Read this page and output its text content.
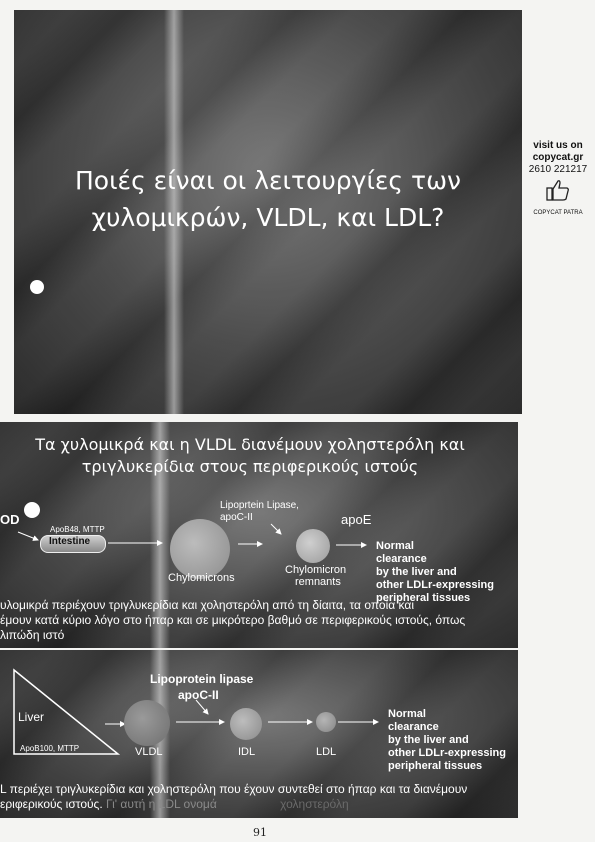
Ποιές είναι οι λειτουργίες των
χυλομικρών, VLDL, και LDL?
Τα χυλομικρά και η VLDL διανέμουν χοληστερόλη και
τριγλυκερίδια στους περιφερικούς ιστούς
OD
ApoB48, MTTP
Intestine
Lipoprtein Lipase,
apoC-II	apoE
Chylomicrons
Chylomicron
remnants
Normal
clearance
by the liver and
other LDLr-expressing
peripheral tissues
υλομικρά περιέχουν τριγλυκερίδια και χοληστερόλη από τη δίαιτα, τα οποία και
έμουν κατά κύριο λόγο στο ήπαρ και σε μικρότερο βαθμό σε περιφερικούς ιστούς, όπως
λιπώδη ιστό
Lipoprotein lipase
apoC-II
Liver
ApoB100, MTTP	VLDL	IDL	LDL
Normal
clearance
by the liver and
other LDLr-expressing
peripheral tissues
L περιέχει τριγλυκερίδια και χοληστερόλη που έχουν συντεθεί στο ήπαρ και τα διανέμουν
εριφερικούς ιστούς. Γι' αυτή η LDL ονομά	χοληστερόλη
visit us on
copycat.gr
2610 221217
COPYCAT PATRA
91
